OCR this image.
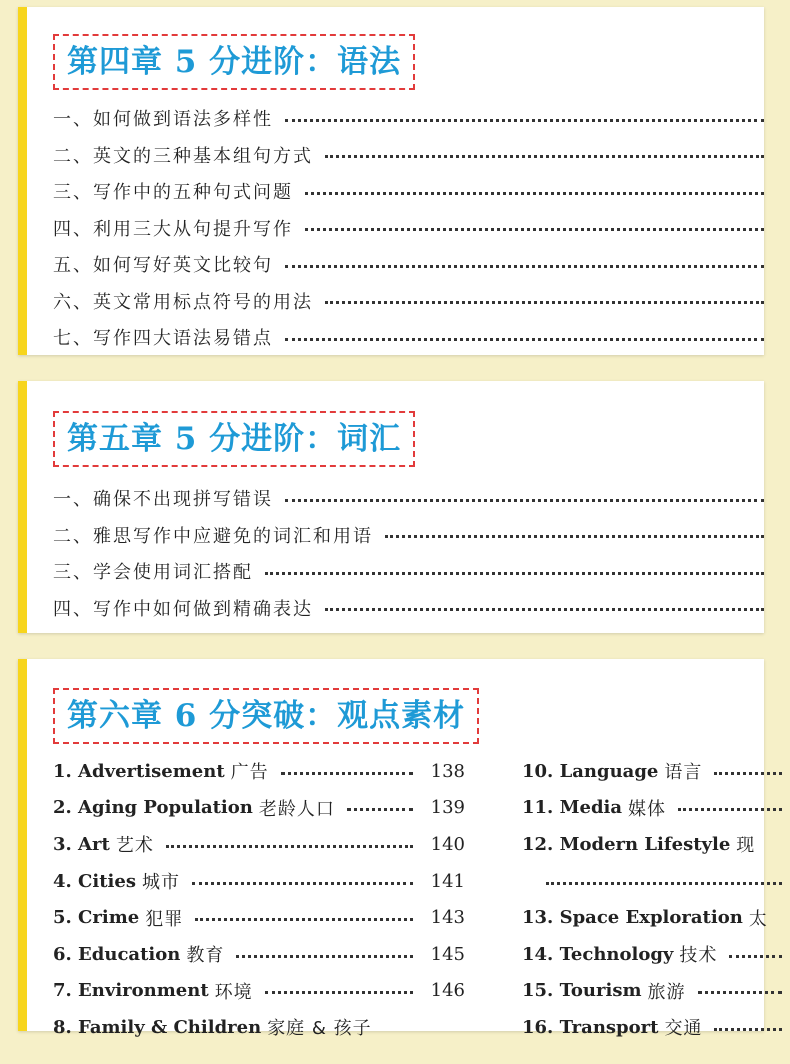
第四章 5 分进阶：语法
一、如何做到语法多样性
二、英文的三种基本组句方式
三、写作中的五种句式问题
四、利用三大从句提升写作
五、如何写好英文比较句
六、英文常用标点符号的用法
七、写作四大语法易错点
第五章 5 分进阶：词汇
一、确保不出现拼写错误
二、雅思写作中应避免的词汇和用语
三、学会使用词汇搭配
四、写作中如何做到精确表达
第六章 6 分突破：观点素材
1. Advertisement 广告	138
2. Aging Population 老龄人口	139
3. Art 艺术	140
4. Cities 城市	141
5. Crime 犯罪	143
6. Education 教育	145
7. Environment 环境	146
8. Family & Children 家庭 & 孩子
10. Language 语言
11. Media 媒体
12. Modern Lifestyle 现
13. Space Exploration 太
14. Technology 技术
15. Tourism 旅游
16. Transport 交通
